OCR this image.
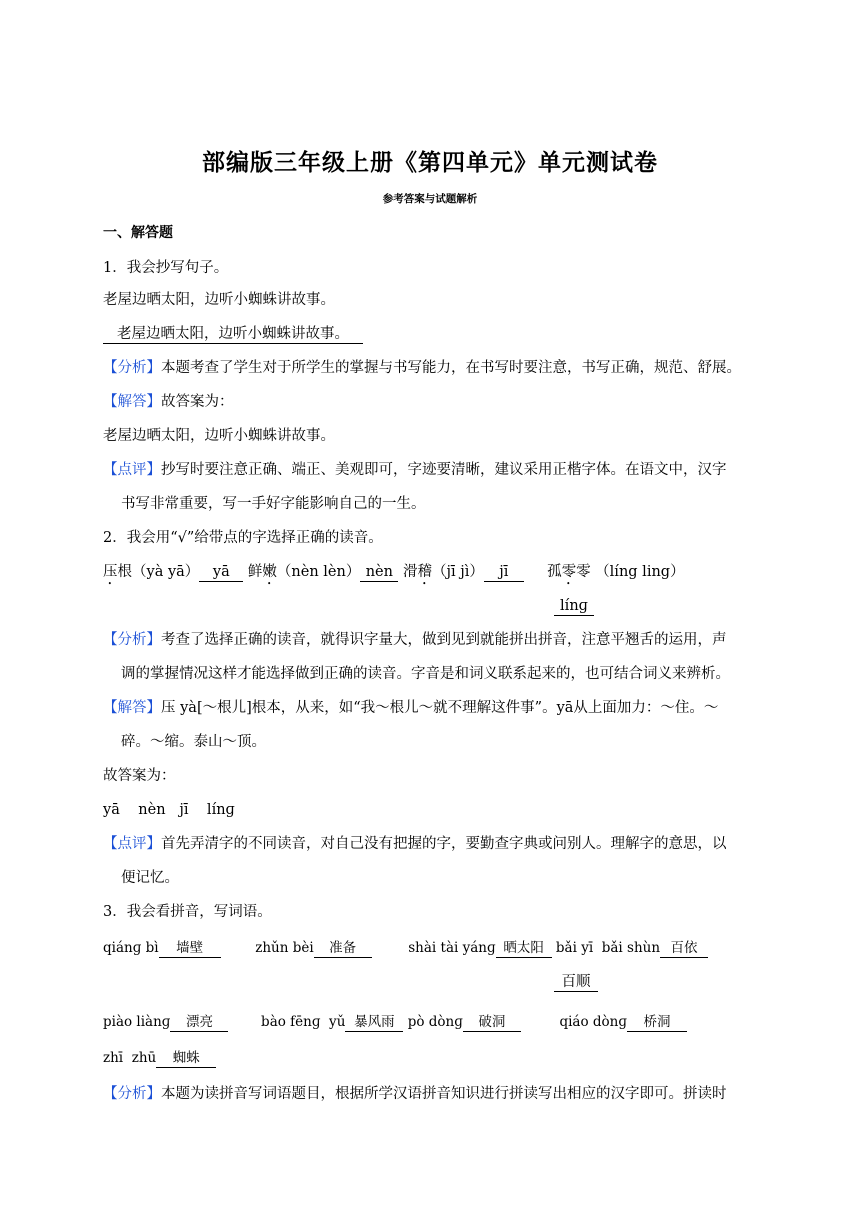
部编版三年级上册《第四单元》单元测试卷
参考答案与试题解析
一、解答题
1．我会抄写句子。
老屋边晒太阳，边听小蜘蛛讲故事。
老屋边晒太阳，边听小蜘蛛讲故事。
【分析】本题考查了学生对于所学生的掌握与书写能力，在书写时要注意，书写正确，规范、舒展。
【解答】故答案为：
老屋边晒太阳，边听小蜘蛛讲故事。
【点评】抄写时要注意正确、端正、美观即可，字迹要清晰，建议采用正楷字体。在语文中，汉字
书写非常重要，写一手好字能影响自己的一生。
2．我会用“√”给带点的字选择正确的读音。
压根（yà yā） yā 鲜嫩（nèn lèn） nèn 滑稽（jī jì） jī	孤零零 （lín​g ling）
línɡ
【分析】考查了选择正确的读音，就得识字量大，做到见到就能拼出拼音，注意平翘舌的运用，声
调的掌握情况这样才能选择做到正确的读音。字音是和词义联系起来的，也可结合词义来辨析。
【解答】压 yà[～根儿]根本，从来，如“我～根儿～就不理解这件事”。yā从上面加力：～住。～
碎。～缩。泰山～顶。
故答案为：
yā    nèn   jī    línɡ
【点评】首先弄清字的不同读音，对自己没有把握的字，要勤查字典或问别人。理解字的意思，以
便记忆。
3．我会看拼音，写词语。
qiánɡ bì 墙壁	zhǔn bèi 准备	shài tài yánɡ 晒太阳 bǎi yī  bǎi shùn 百依
百顺
piào liànɡ 漂亮	bào fēnɡ  yǔ 暴风雨 pò dònɡ 破洞	qiáo dònɡ 桥洞
zhī  zhū 蜘蛛
【分析】本题为读拼音写词语题目，根据所学汉语拼音知识进行拼读写出相应的汉字即可。拼读时
